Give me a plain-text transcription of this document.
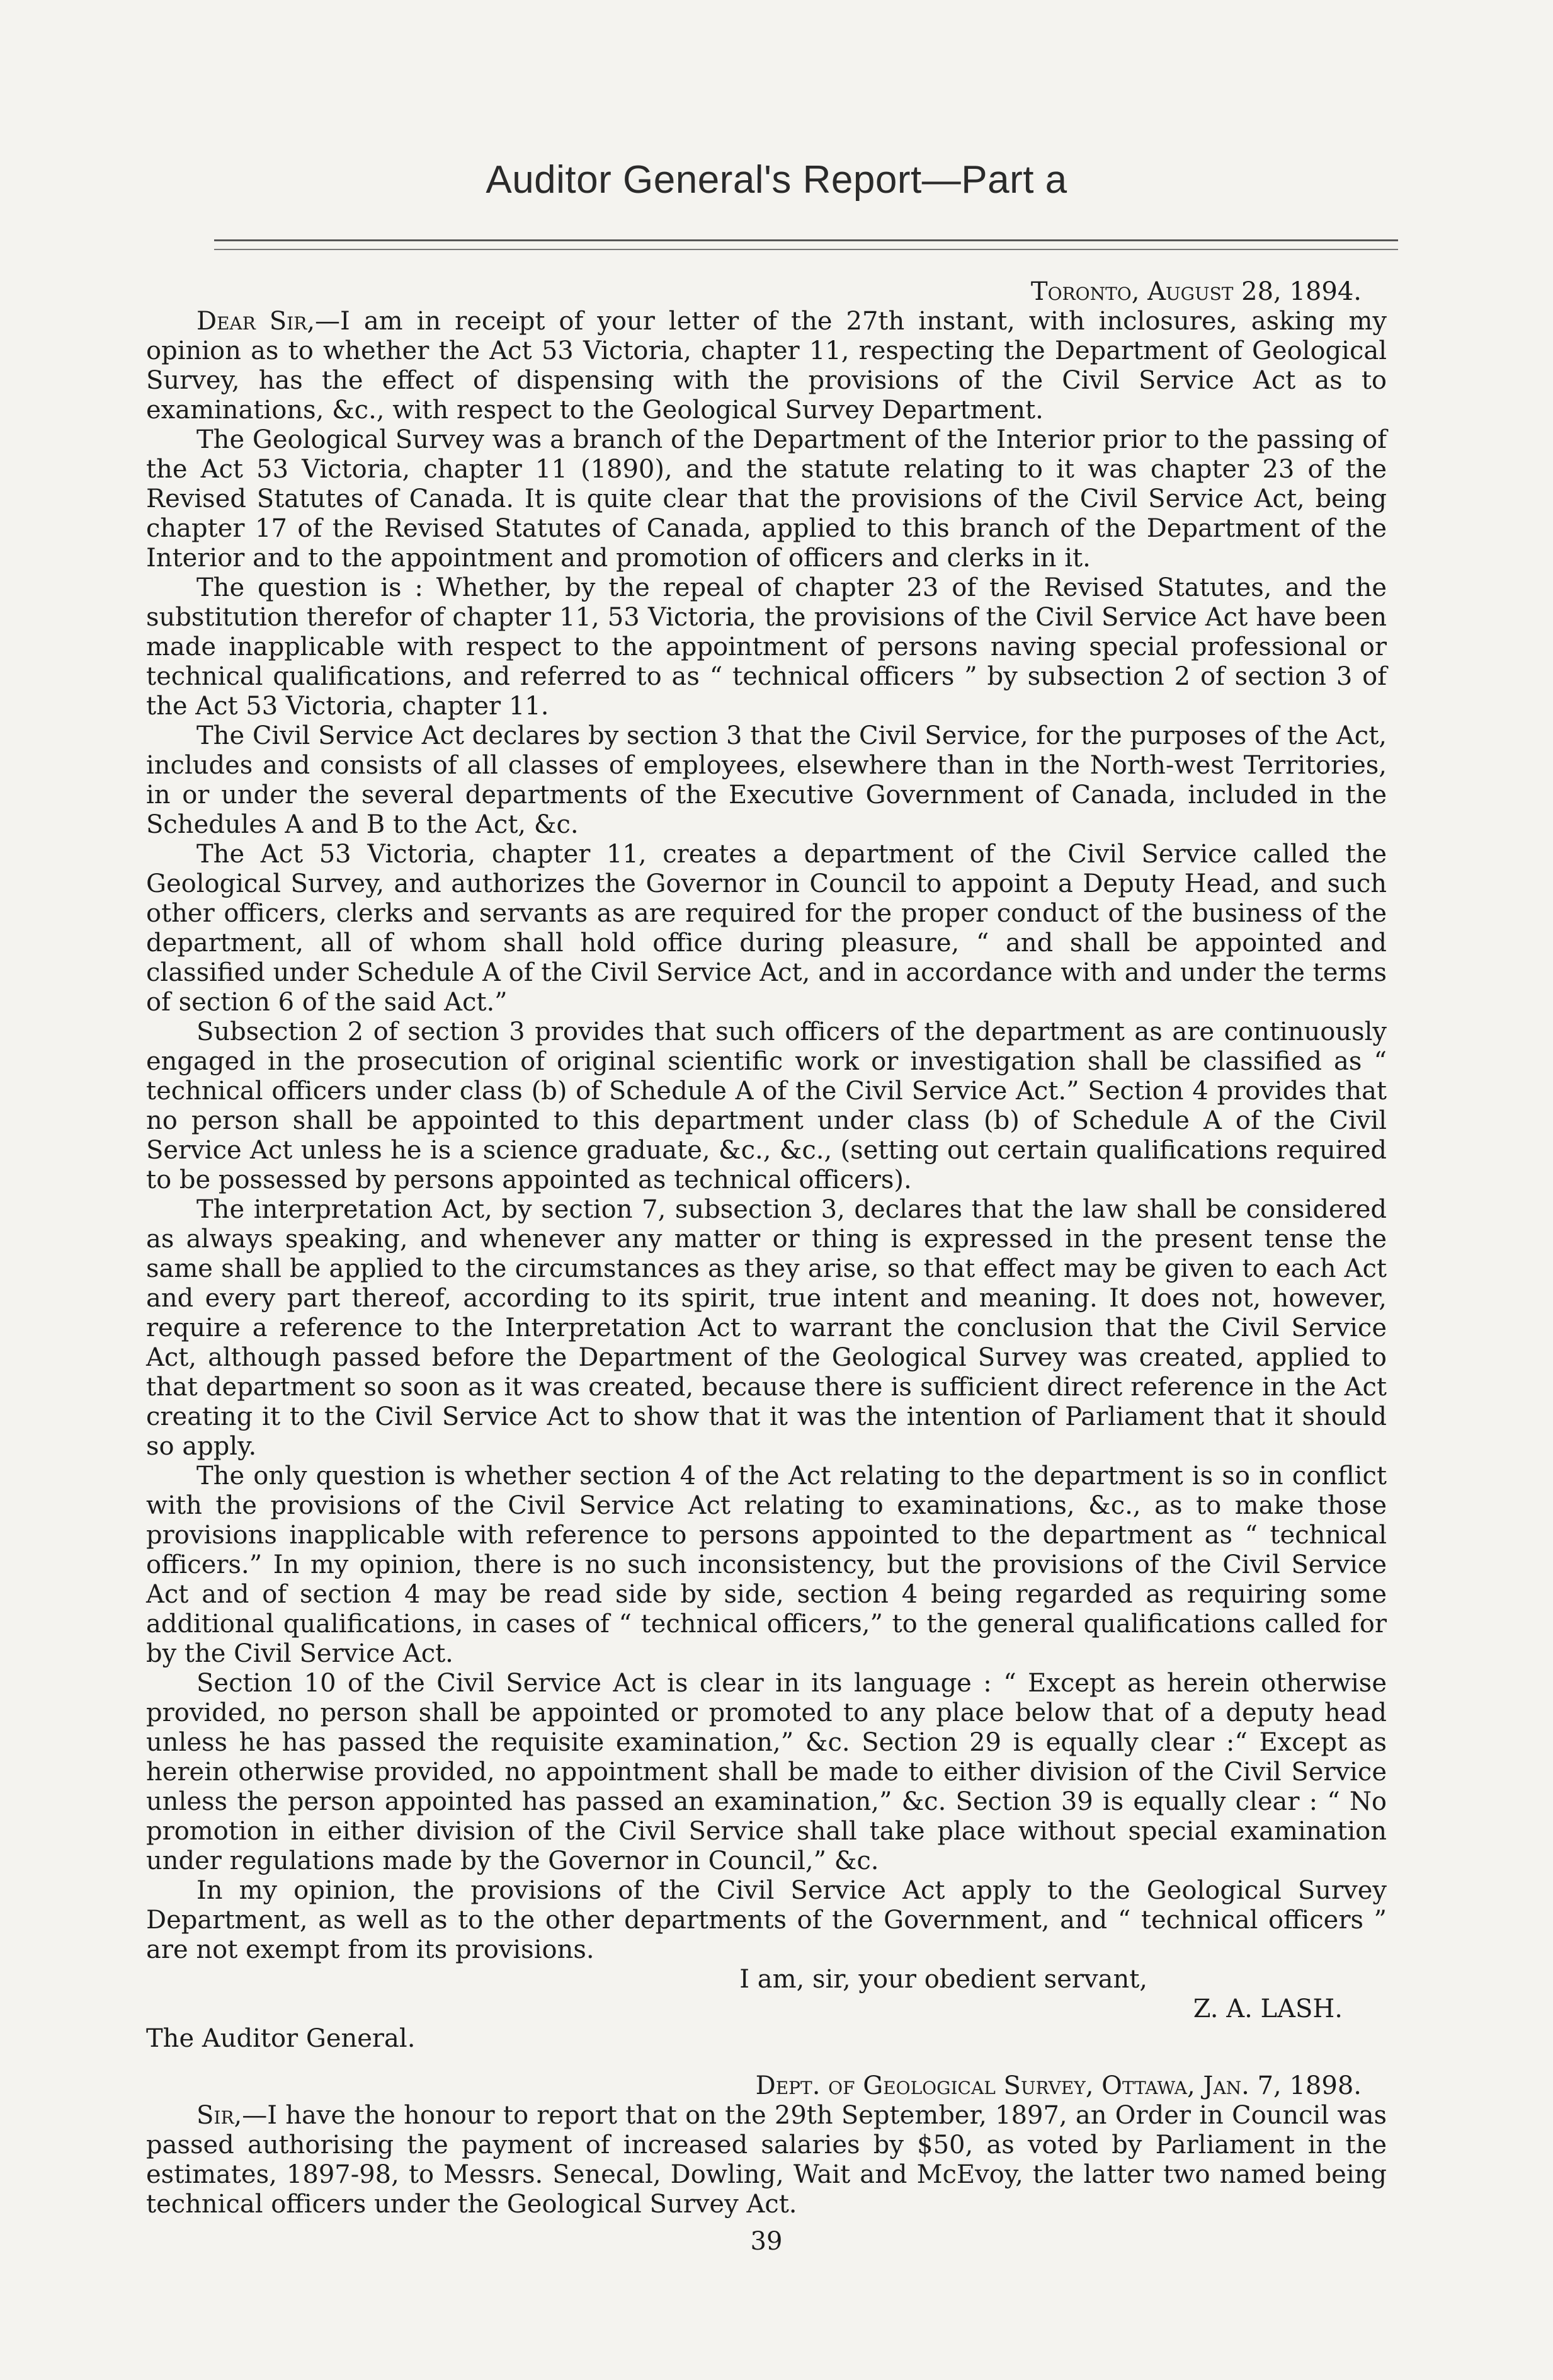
Auditor General's Report—Part a

Toronto, August 28, 1894.

Dear Sir,—I am in receipt of your letter of the 27th instant, with inclosures, asking my opinion as to whether the Act 53 Victoria, chapter 11, respecting the Department of Geological Survey, has the effect of dispensing with the provisions of the Civil Service Act as to examinations, &c., with respect to the Geological Survey Department.

The Geological Survey was a branch of the Department of the Interior prior to the passing of the Act 53 Victoria, chapter 11 (1890), and the statute relating to it was chapter 23 of the Revised Statutes of Canada. It is quite clear that the provisions of the Civil Service Act, being chapter 17 of the Revised Statutes of Canada, applied to this branch of the Department of the Interior and to the appointment and promotion of officers and clerks in it.

The question is : Whether, by the repeal of chapter 23 of the Revised Statutes, and the substitution therefor of chapter 11, 53 Victoria, the provisions of the Civil Service Act have been made inapplicable with respect to the appointment of persons naving special professional or technical qualifications, and referred to as “ technical officers ” by subsection 2 of section 3 of the Act 53 Victoria, chapter 11.

The Civil Service Act declares by section 3 that the Civil Service, for the purposes of the Act, includes and consists of all classes of employees, elsewhere than in the North-west Territories, in or under the several departments of the Executive Government of Canada, included in the Schedules A and B to the Act, &c.

The Act 53 Victoria, chapter 11, creates a department of the Civil Service called the Geological Survey, and authorizes the Governor in Council to appoint a Deputy Head, and such other officers, clerks and servants as are required for the proper conduct of the business of the department, all of whom shall hold office during pleasure, “ and shall be appointed and classified under Schedule A of the Civil Service Act, and in accordance with and under the terms of section 6 of the said Act.”

Subsection 2 of section 3 provides that such officers of the department as are continuously engaged in the prosecution of original scientific work or investigation shall be classified as “ technical officers under class (b) of Schedule A of the Civil Service Act.” Section 4 provides that no person shall be appointed to this department under class (b) of Schedule A of the Civil Service Act unless he is a science graduate, &c., &c., (setting out certain qualifications required to be possessed by persons appointed as technical officers).

The interpretation Act, by section 7, subsection 3, declares that the law shall be considered as always speaking, and whenever any matter or thing is expressed in the present tense the same shall be applied to the circumstances as they arise, so that effect may be given to each Act and every part thereof, according to its spirit, true intent and meaning. It does not, however, require a reference to the Interpretation Act to warrant the conclusion that the Civil Service Act, although passed before the Department of the Geological Survey was created, applied to that department so soon as it was created, because there is sufficient direct reference in the Act creating it to the Civil Service Act to show that it was the intention of Parliament that it should so apply.

The only question is whether section 4 of the Act relating to the department is so in conflict with the provisions of the Civil Service Act relating to examinations, &c., as to make those provisions inapplicable with reference to persons appointed to the department as “ technical officers.” In my opinion, there is no such inconsistency, but the provisions of the Civil Service Act and of section 4 may be read side by side, section 4 being regarded as requiring some additional qualifications, in cases of “ technical officers,” to the general qualifications called for by the Civil Service Act.

Section 10 of the Civil Service Act is clear in its language : “ Except as herein otherwise provided, no person shall be appointed or promoted to any place below that of a deputy head unless he has passed the requisite examination,” &c. Section 29 is equally clear :“ Except as herein otherwise provided, no appointment shall be made to either division of the Civil Service unless the person appointed has passed an examination,” &c. Section 39 is equally clear : “ No promotion in either division of the Civil Service shall take place without special examination under regulations made by the Governor in Council,” &c.

In my opinion, the provisions of the Civil Service Act apply to the Geological Survey Department, as well as to the other departments of the Government, and “ technical officers ” are not exempt from its provisions.

I am, sir, your obedient servant,

Z. A. LASH.

The Auditor General.

Dept. of Geological Survey, Ottawa, Jan. 7, 1898.

Sir,—I have the honour to report that on the 29th September, 1897, an Order in Council was passed authorising the payment of increased salaries by $50, as voted by Parliament in the estimates, 1897-98, to Messrs. Senecal, Dowling, Wait and McEvoy, the latter two named being technical officers under the Geological Survey Act.

39
